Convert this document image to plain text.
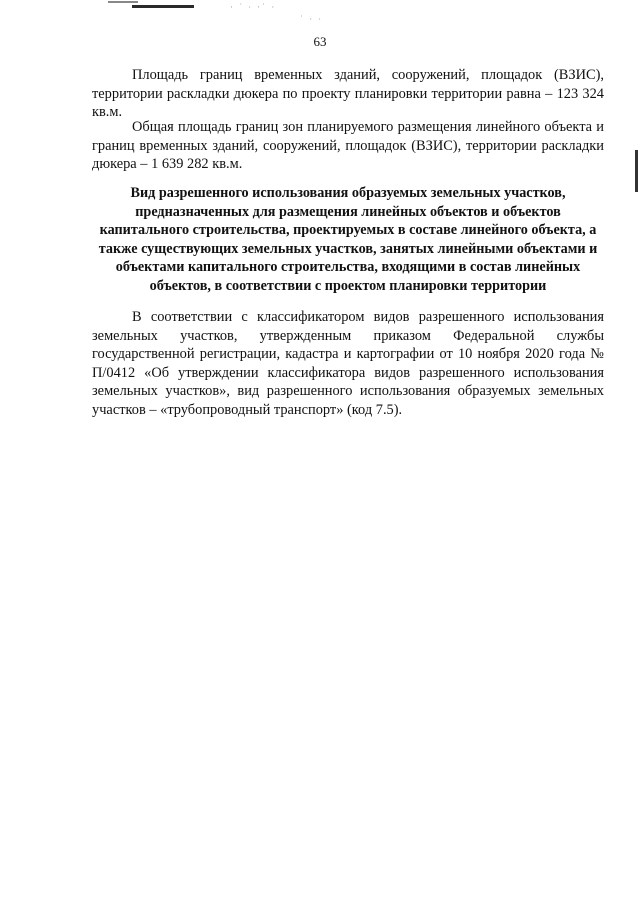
· ˙ ∙ ·˙ ·
˙ · ∙
63

Площадь границ временных зданий, сооружений, площадок (ВЗИС), территории раскладки дюкера по проекту планировки территории равна – 123 324 кв.м.

Общая площадь границ зон планируемого размещения линейного объекта и границ временных зданий, сооружений, площадок (ВЗИС), территории раскладки дюкера – 1 639 282 кв.м.

Вид разрешенного использования образуемых земельных участков, предназначенных для размещения линейных объектов и объектов капитального строительства, проектируемых в составе линейного объекта, а также существующих земельных участков, занятых линейными объектами и объектами капитального строительства, входящими в состав линейных объектов, в соответствии с проектом планировки территории

В соответствии с классификатором видов разрешенного использования земельных участков, утвержденным приказом Федеральной службы государственной регистрации, кадастра и картографии от 10 ноября 2020 года № П/0412 «Об утверждении классификатора видов разрешенного использования земельных участков», вид разрешенного использования образуемых земельных участков – «трубопроводный транспорт» (код 7.5).
